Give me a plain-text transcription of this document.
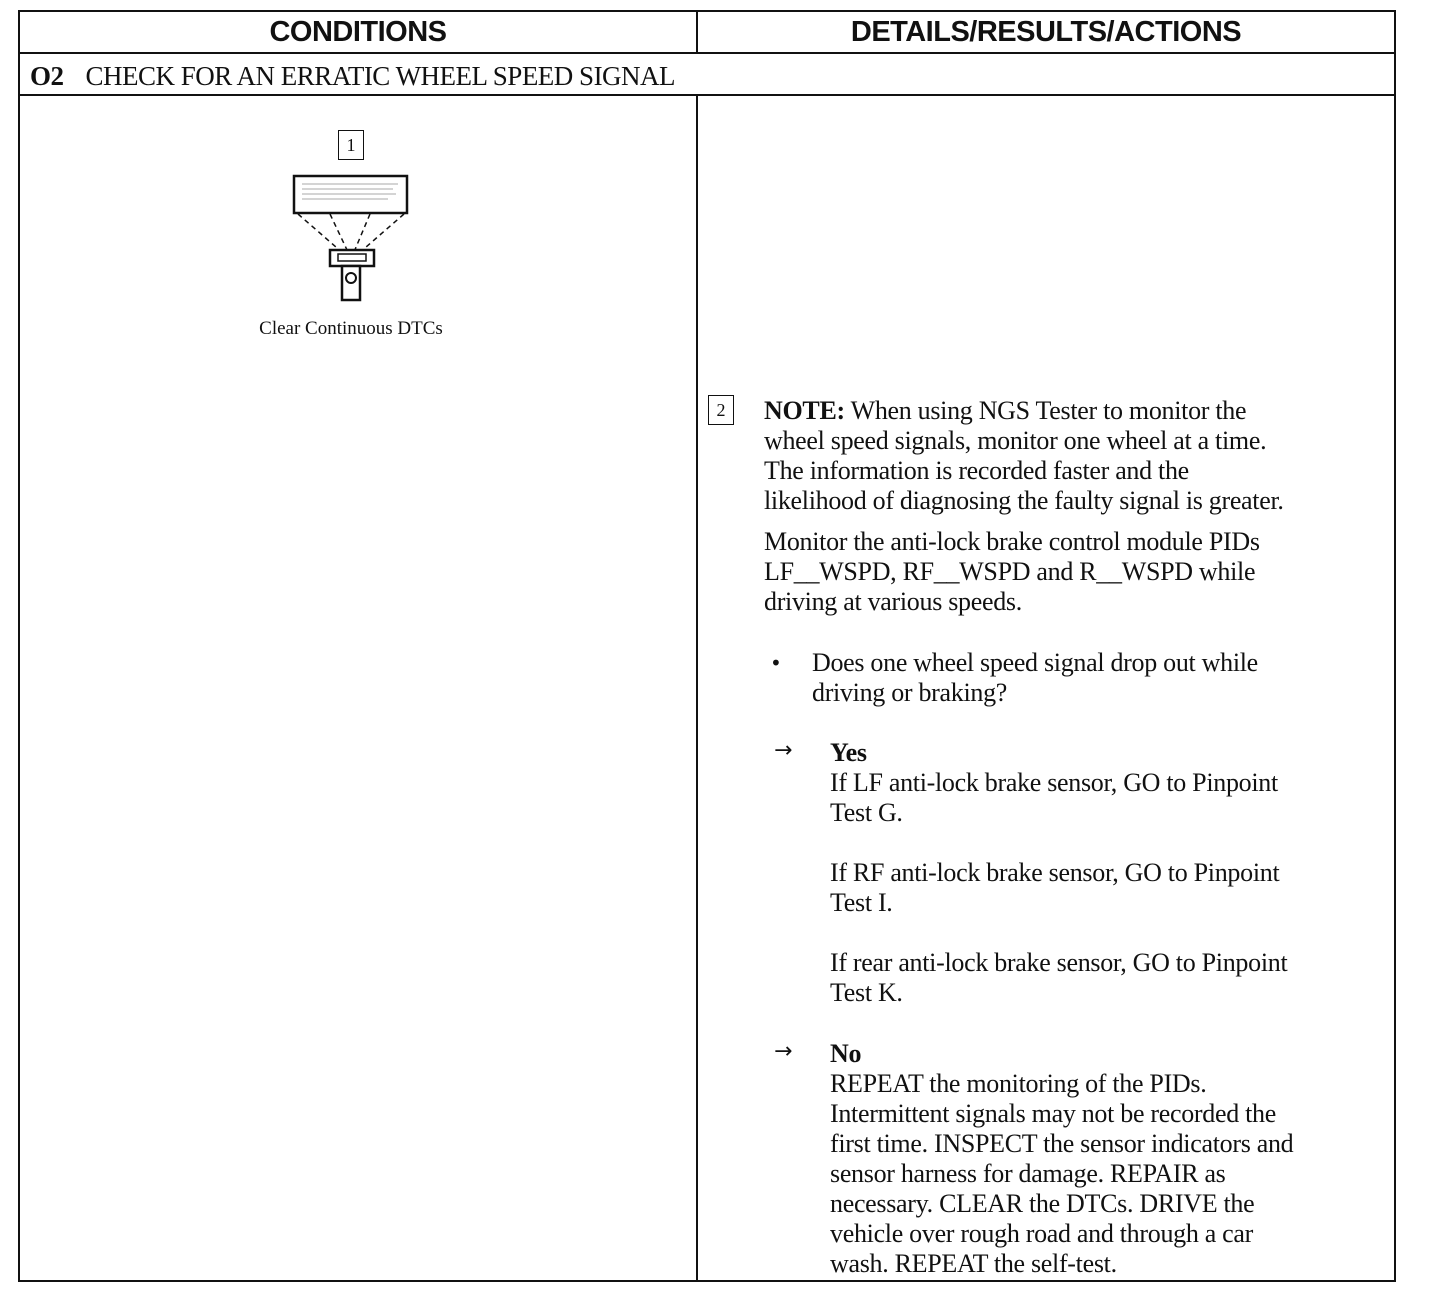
CONDITIONS	DETAILS/RESULTS/ACTIONS
O2 CHECK FOR AN ERRATIC WHEEL SPEED SIGNAL
1
Clear Continuous DTCs
2	NOTE: When using NGS Tester to monitor the

wheel speed signals, monitor one wheel at a time.

The information is recorded faster and the

likelihood of diagnosing the faulty signal is greater.

Monitor the anti-lock brake control module PIDs

LF__WSPD, RF__WSPD and R__WSPD while

driving at various speeds.

• Does one wheel speed signal drop out while

driving or braking?

→ Yes

If LF anti-lock brake sensor, GO to Pinpoint

Test G.

If RF anti-lock brake sensor, GO to Pinpoint

Test I.

If rear anti-lock brake sensor, GO to Pinpoint

Test K.

→ No

REPEAT the monitoring of the PIDs.

Intermittent signals may not be recorded the

first time. INSPECT the sensor indicators and

sensor harness for damage. REPAIR as

necessary. CLEAR the DTCs. DRIVE the

vehicle over rough road and through a car

wash. REPEAT the self-test.
